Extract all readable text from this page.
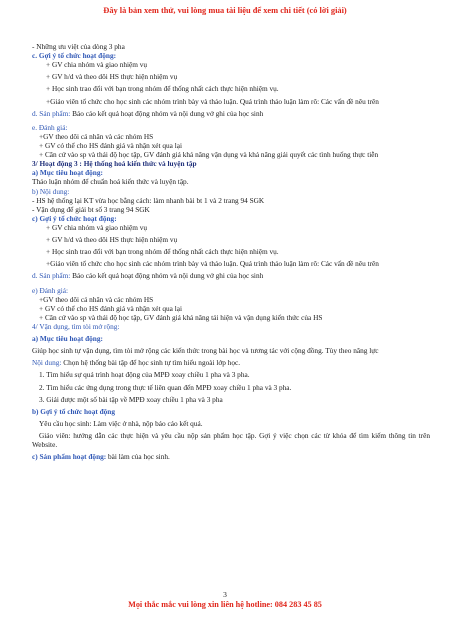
Đây là bản xem thử, vui lòng mua tài liệu để xem chi tiết (có lời giải)
- Những ưu việt của dòng 3 pha
c. Gợi ý tổ chức hoạt động:
+ GV chia nhóm và giao nhiệm vụ
+ GV h/d và theo dõi HS thực hiện nhiệm vụ
+ Học sinh trao đổi với bạn trong nhóm để thống nhất cách thực hiện nhiệm vụ.
+Giáo viên tổ chức cho học sinh các nhóm trình bày và thảo luận. Quá trình thảo luận làm rõ: Các vấn đề nêu trên
d. Sản phẩm: Báo cáo kết quả hoạt động nhóm và nội dung vở ghi của học sinh
e. Đánh giá:
+GV theo dõi cá nhân và các nhóm HS
+ GV có thể cho HS đánh giá và nhận xét qua lại
+ Căn cứ vào sp và thái độ học tập, GV đánh giá khả năng vận dụng và khả năng giải quyết các tình huống thực tiễn
3/ Hoạt động 3 : Hệ thống hoá kiến thức và luyện tập
a) Mục tiêu hoạt động:
Thảo luận nhóm để chuẩn hoá kiến thức và luyện tập.
b) Nội dung:
- HS hệ thống lại KT vừa học bằng cách: làm nhanh bài bt 1 và 2 trang 94 SGK
- Vận dụng để giải bt số 3 trang 94 SGK
c) Gợi ý tổ chức hoạt động:
+ GV chia nhóm và giao nhiệm vụ
+ GV h/d và theo dõi HS thực hiện nhiệm vụ
+ Học sinh trao đổi với bạn trong nhóm để thống nhất cách thực hiện nhiệm vụ.
+Giáo viên tổ chức cho học sinh các nhóm trình bày và thảo luận. Quá trình thảo luận làm rõ: Các vấn đề nêu trên
d. Sản phẩm: Báo cáo kết quả hoạt động nhóm và nội dung vở ghi của học sinh
e) Đánh giá:
+GV theo dõi cá nhân và các nhóm HS
+ GV có thể cho HS đánh giá và nhận xét qua lại
+ Căn cứ vào sp và thái độ học tập, GV đánh giá khả năng tái hiện và vận dụng kiến thức của HS
4/ Vận dụng, tìm tòi mở rộng:
a) Mục tiêu hoạt động:
Giúp học sinh tự vận dụng, tìm tòi mở rộng các kiến thức trong bài học và tương tác với cộng đồng. Tùy theo năng lực
Nội dung: Chọn hệ thống bài tập để học sinh tự tìm hiểu ngoài lớp học.
1. Tìm hiểu sự quá trình hoạt động của MPĐ xoay chiều 1 pha và 3 pha.
2. Tìm hiểu các ứng dụng trong thực tế liên quan đến MPĐ xoay chiều 1 pha và 3 pha.
3. Giải được một số bài tập về MPĐ xoay chiều 1 pha và 3 pha
b) Gợi ý tổ chức hoạt động
Yêu cầu học sinh: Làm việc ở nhà, nộp báo cáo kết quả.
Giáo viên: hướng dẫn các thực hiện và yêu cầu nộp sản phẩm học tập. Gợi ý việc chọn các từ khóa để tìm kiếm thông tin trên Website.
c) Sản phẩm hoạt động: bài làm của học sinh.
3
Mọi thắc mắc vui lòng xin liên hệ hotline: 084 283 45 85
